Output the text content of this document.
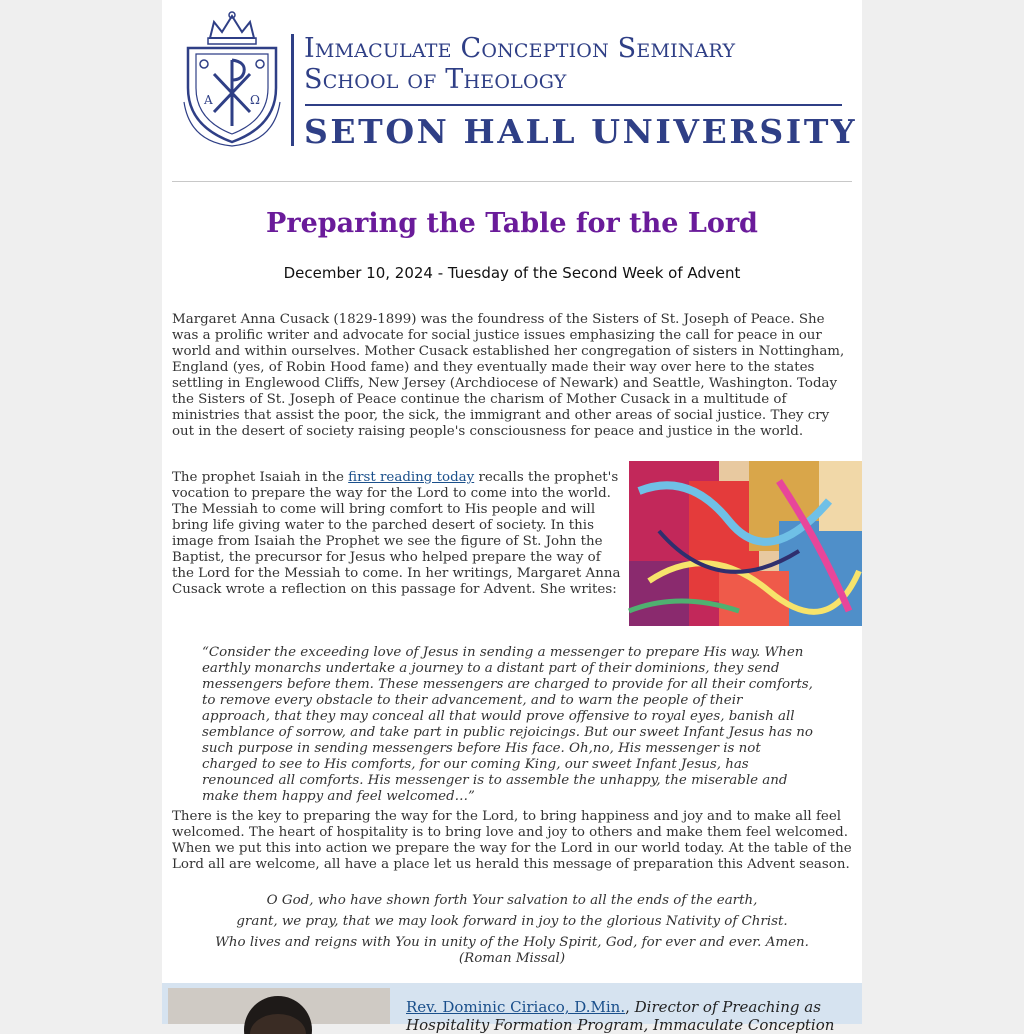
A	Ω
Immaculate Conception Seminary
School of Theology
SETON HALL UNIVERSITY
Preparing the Table for the Lord
December 10, 2024 - Tuesday of the Second Week of Advent
Margaret Anna Cusack (1829-1899) was the foundress of the Sisters of St. Joseph of Peace. She was a prolific writer and advocate for social justice issues emphasizing the call for peace in our world and within ourselves. Mother Cusack established her congregation of sisters in Nottingham, England (yes, of Robin Hood fame) and they eventually made their way over here to the states settling in Englewood Cliffs, New Jersey (Archdiocese of Newark) and Seattle, Washington. Today the Sisters of St. Joseph of Peace continue the charism of Mother Cusack in a multitude of ministries that assist the poor, the sick, the immigrant and other areas of social justice. They cry out in the desert of society raising people's consciousness for peace and justice in the world.
The prophet Isaiah in the first reading today recalls the prophet's vocation to prepare the way for the Lord to come into the world. The Messiah to come will bring comfort to His people and will bring life giving water to the parched desert of society. In this image from Isaiah the Prophet we see the figure of St. John the Baptist, the precursor for Jesus who helped prepare the way of the Lord for the Messiah to come. In her writings, Margaret Anna Cusack wrote a reflection on this passage for Advent. She writes:
“Consider the exceeding love of Jesus in sending a messenger to prepare His way. When earthly monarchs undertake a journey to a distant part of their dominions, they send messengers before them. These messengers are charged to provide for all their comforts, to remove every obstacle to their advancement, and to warn the people of their approach, that they may conceal all that would prove offensive to royal eyes, banish all semblance of sorrow, and take part in public rejoicings. But our sweet Infant Jesus has no such purpose in sending messengers before His face. Oh,no, His messenger is not charged to see to His comforts, for our coming King, our sweet Infant Jesus, has renounced all comforts. His messenger is to assemble the unhappy, the miserable and make them happy and feel welcomed…”
There is the key to preparing the way for the Lord, to bring happiness and joy and to make all feel welcomed. The heart of hospitality is to bring love and joy to others and make them feel welcomed. When we put this into action we prepare the way for the Lord in our world today. At the table of the Lord all are welcome, all have a place let us herald this message of preparation this Advent season.
O God, who have shown forth Your salvation to all the ends of the earth,
grant, we pray, that we may look forward in joy to the glorious Nativity of Christ.
Who lives and reigns with You in unity of the Holy Spirit, God, for ever and ever. Amen. (Roman Missal)
Rev. Dominic Ciriaco, D.Min., Director of Preaching as Hospitality Formation Program, Immaculate Conception
